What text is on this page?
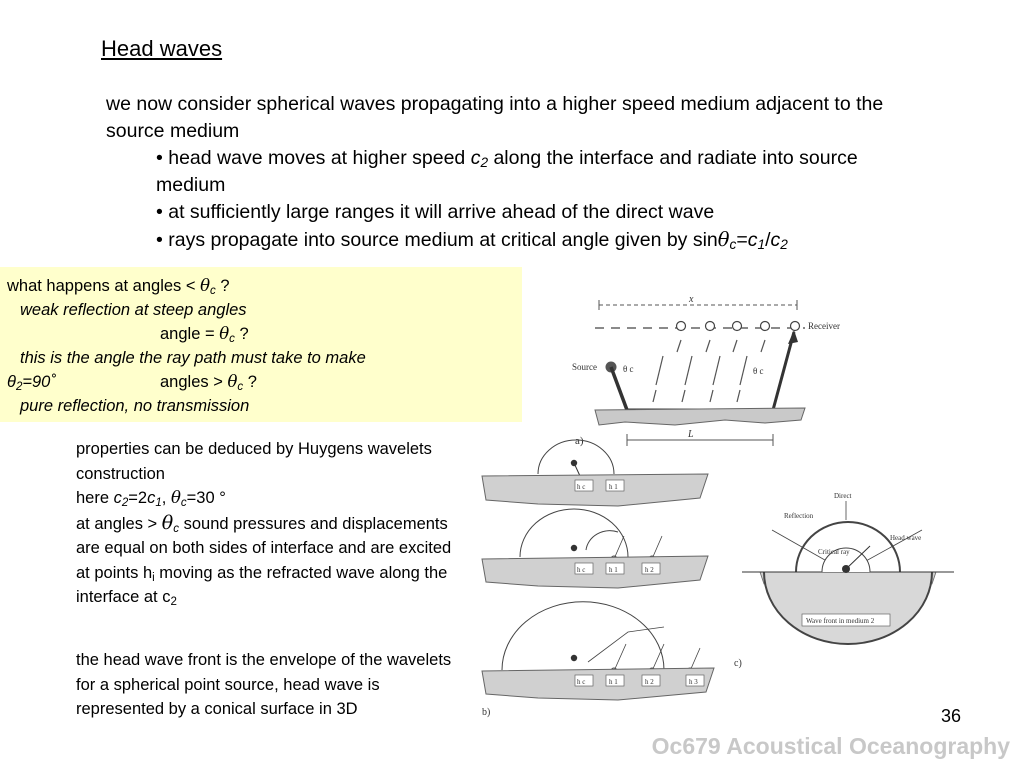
Head waves
we now consider spherical waves propagating into a higher speed medium adjacent to the source medium
• head wave moves at higher speed $c_2$ along the interface and radiate into source medium
• at sufficiently large ranges it will arrive ahead of the direct wave
• rays propagate into source medium at critical angle given by $\sin\theta_c=c_1/c_2$
what happens at angles < $\theta_c$ ?
weak reflection at steep angles
angle = $\theta_c$ ?
this is the angle the ray path must take to make
$\theta_2=90˚$	angles > $\theta_c$ ?
pure reflection, no transmission

properties can be deduced by Huygens wavelets construction

here $c_2=2c_1$, $\theta_c=30$ °

at angles > $\theta_c$ sound pressures and displacements are equal on both sides of interface and are excited at points $h_i$ moving as the refracted wave along the interface at $c_2$

the head wave front is the envelope of the wavelets

for a spherical point source, head wave is represented by a conical surface in 3D

x
Receiver
Source	θ c	θ c
a)
L
h c	h 1
h c	h 1	h 2
h c	h 1	h 2	h 3
b)
Direct
Reflection
Head wave
Critical ray
Wave front in medium 2
c)
36
Oc679 Acoustical Oceanography
